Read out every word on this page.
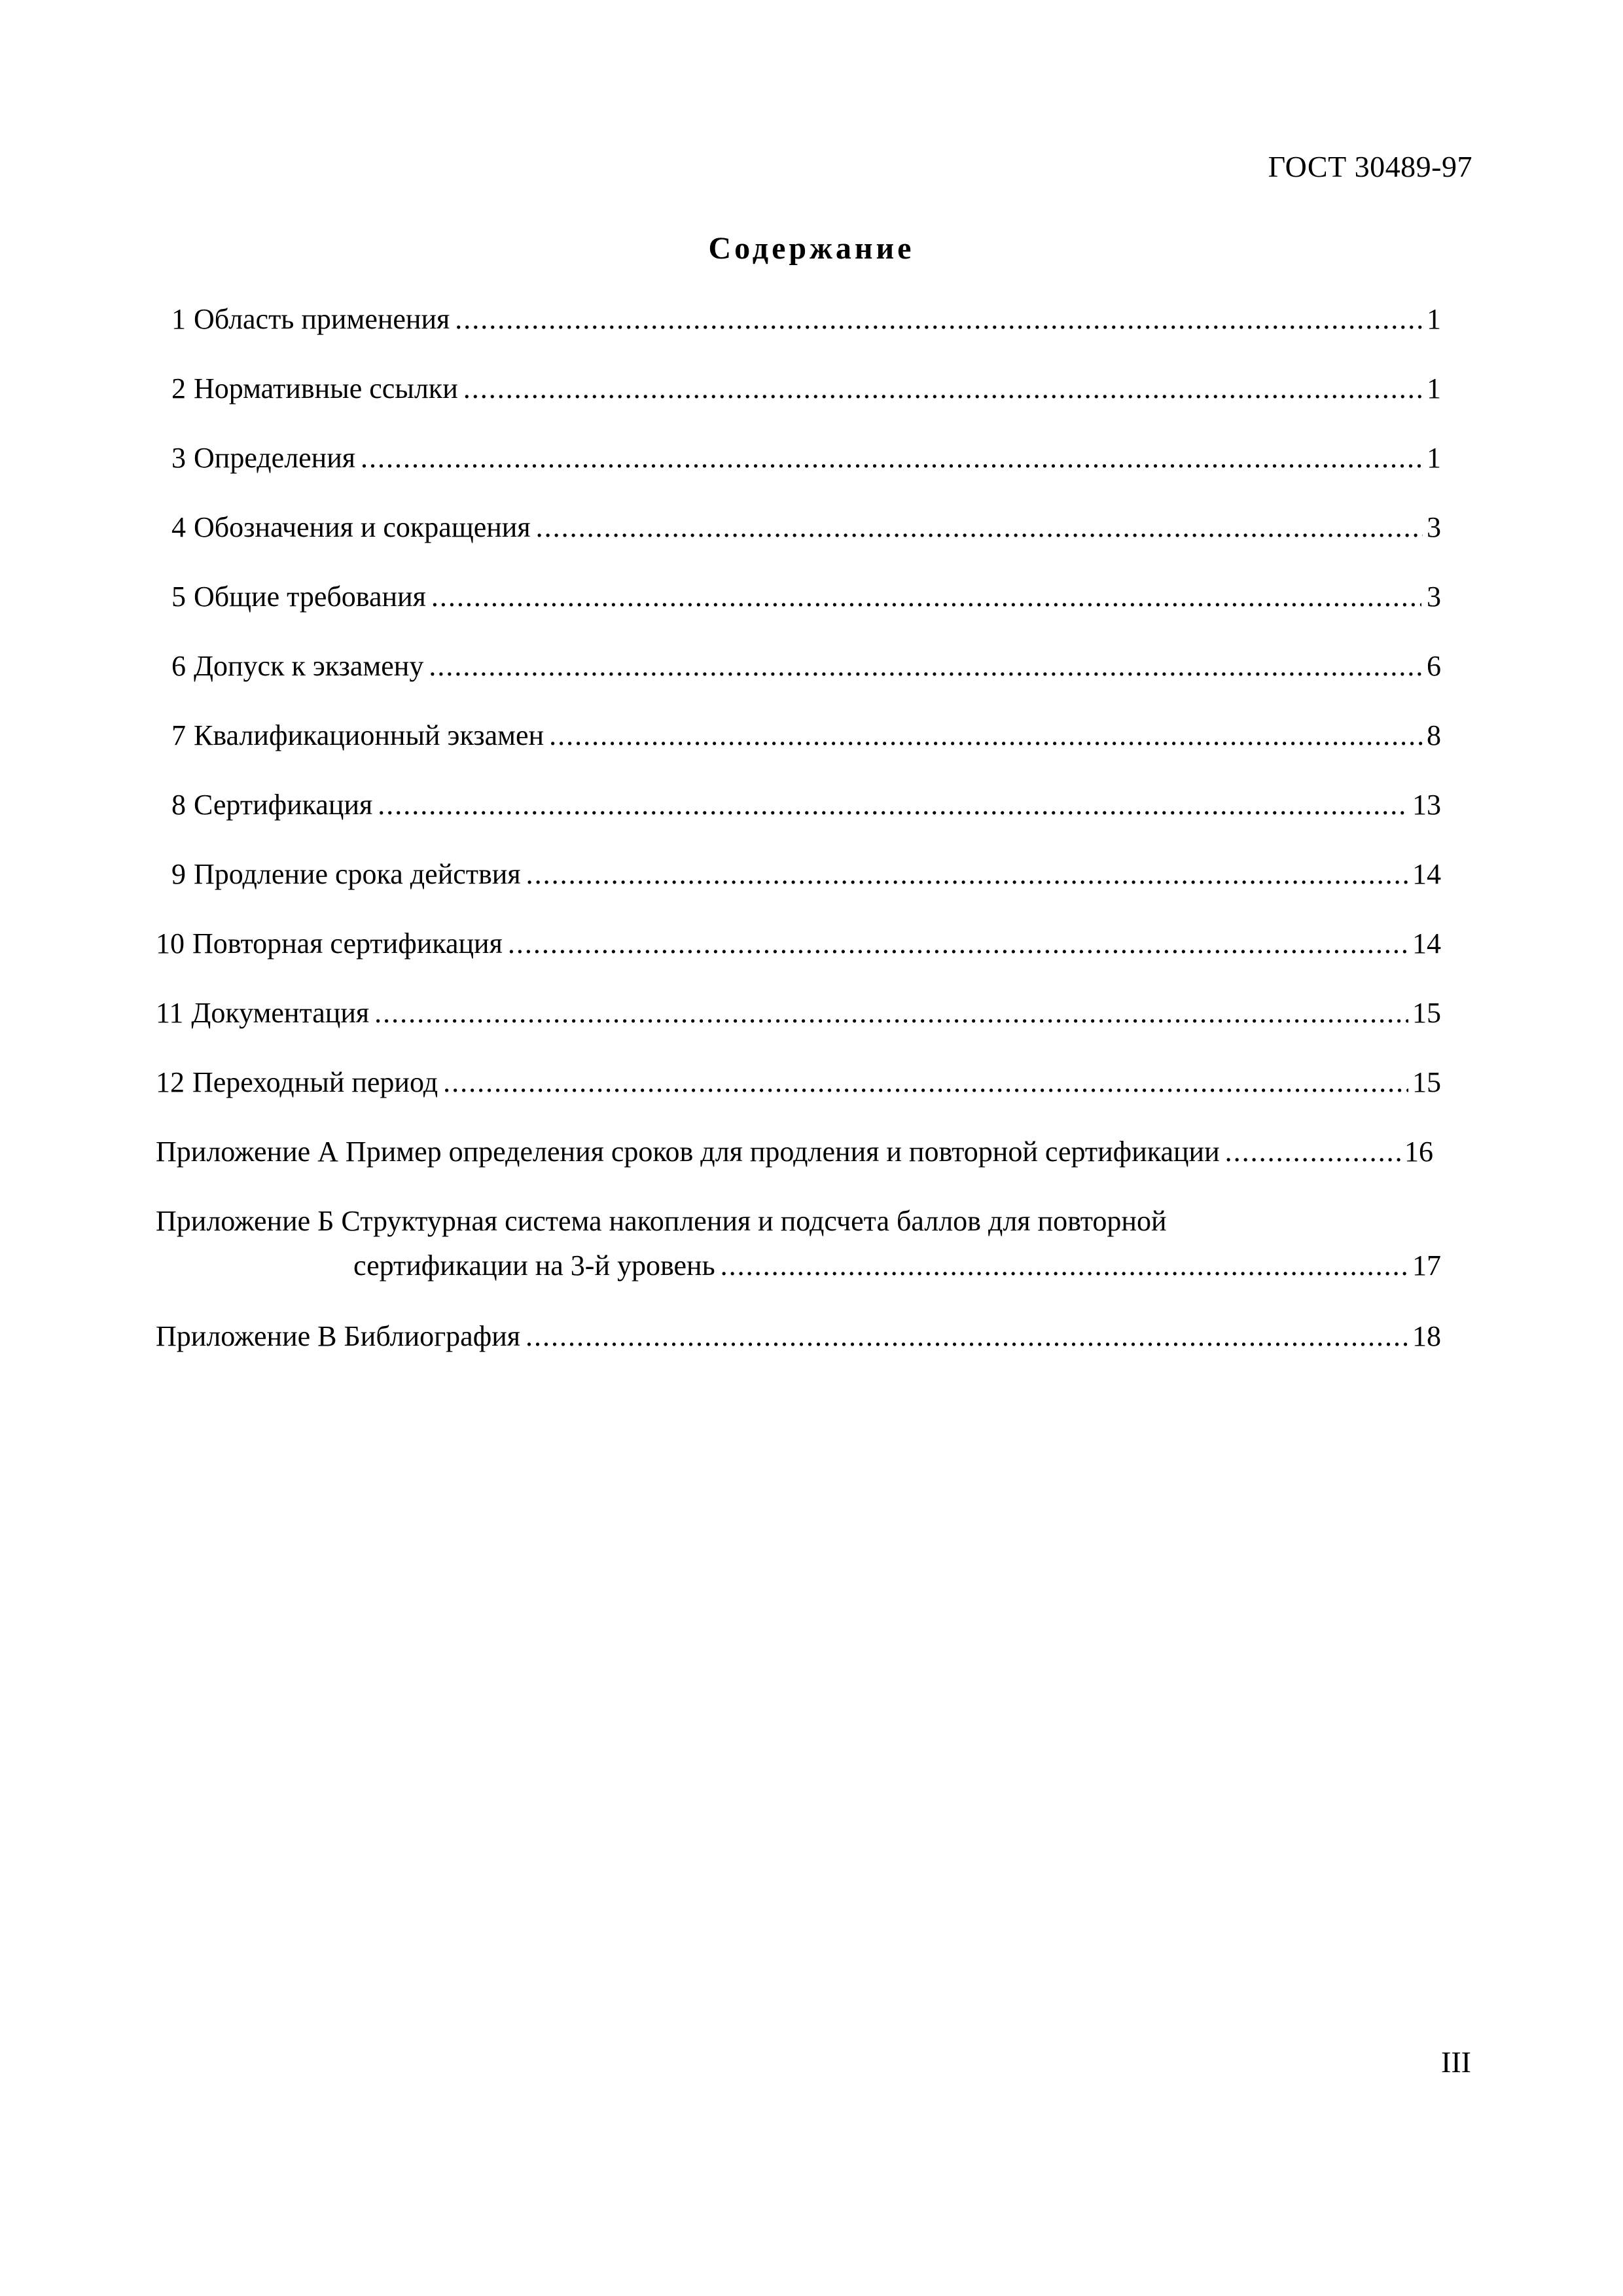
ГОСТ 30489-97
Содержание
1 Область применения .....	1
2 Нормативные ссылки .....	1
3 Определения .....	1
4 Обозначения и сокращения .....	3
5 Общие требования .....	3
6 Допуск к экзамену .....	6
7 Квалификационный экзамен .....	8
8 Сертификация .....	13
9 Продление срока действия .....	14
10 Повторная сертификация .....	14
11 Документация .....	15
12 Переходный период .....	15
Приложение А Пример определения сроков для продления и повторной сертификации .....	16
Приложение Б Структурная система накопления и подсчета баллов для повторной
сертификации на 3-й уровень .....	17
Приложение В Библиография .....	18
III
